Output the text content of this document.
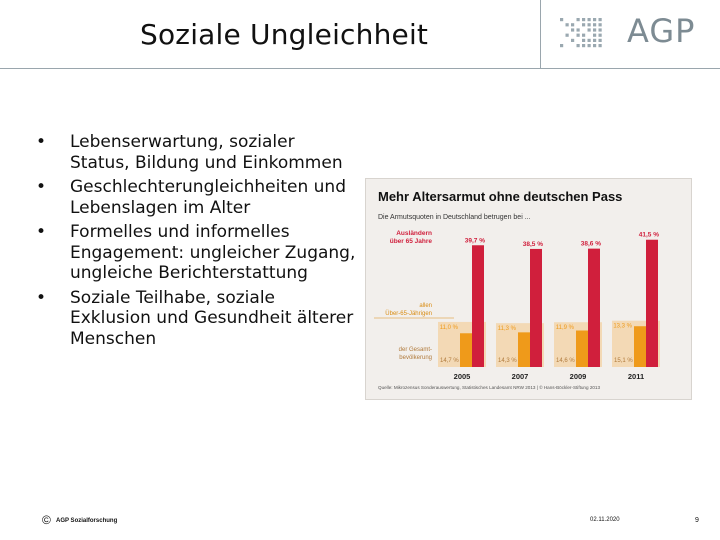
Soziale Ungleichheit	AGP
• Lebenserwartung, sozialer Status, Bildung und Einkommen
• Geschlechterungleichheiten und Lebenslagen im Alter
• Formelles und informelles Engagement: ungleicher Zugang, ungleiche Berichterstattung
• Soziale Teilhabe, soziale Exklusion und Gesundheit älterer Menschen
Mehr Altersarmut ohne deutschen Pass
Die Armutsquoten in Deutschland betrugen bei ...
39,7 %
11,0 %
14,7 %
2005
38,5 %
11,3 %
14,3 %
2007
38,6 %
11,9 %
14,6 %
2009
41,5 %
13,3 %
15,1 %
2011
Ausländern
über 65 Jahre
allen
Über-65-Jährigen
der Gesamt-
bevölkerung
Quelle: Mikrozensus Sonderauswertung, Statistisches Landesamt NRW 2013 | © Hans-Böckler-Stiftung 2013
© AGP Sozialforschung	02.11.2020	9
